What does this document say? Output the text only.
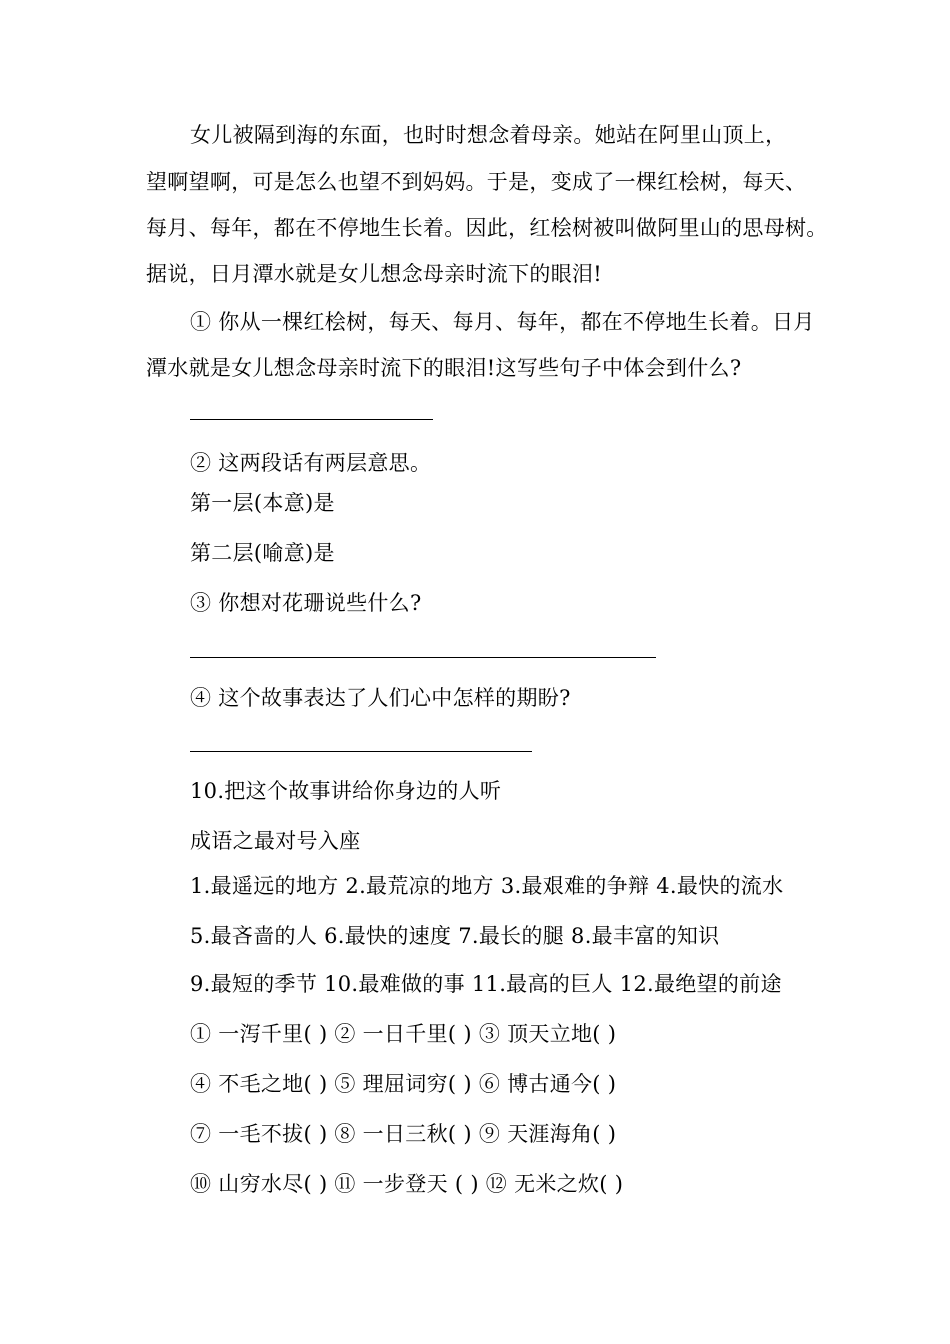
女儿被隔到海的东面，也时时想念着母亲。她站在阿里山顶上，
望啊望啊，可是怎么也望不到妈妈。于是，变成了一棵红桧树，每天、
每月、每年，都在不停地生长着。因此，红桧树被叫做阿里山的思母树。
据说，日月潭水就是女儿想念母亲时流下的眼泪!
① 你从一棵红桧树，每天、每月、每年，都在不停地生长着。日月
潭水就是女儿想念母亲时流下的眼泪!这写些句子中体会到什么?
② 这两段话有两层意思。
第一层(本意)是
第二层(喻意)是
③ 你想对花珊说些什么?
④ 这个故事表达了人们心中怎样的期盼?
10.把这个故事讲给你身边的人听
成语之最对号入座
1.最遥远的地方 2.最荒凉的地方 3.最艰难的争辩 4.最快的流水
5.最吝啬的人 6.最快的速度 7.最长的腿 8.最丰富的知识
9.最短的季节 10.最难做的事 11.最高的巨人 12.最绝望的前途
① 一泻千里( ) ② 一日千里( ) ③ 顶天立地( )
④ 不毛之地( ) ⑤ 理屈词穷( ) ⑥ 博古通今( )
⑦ 一毛不拔( ) ⑧ 一日三秋( ) ⑨ 天涯海角( )
⑩ 山穷水尽( ) ⑪ 一步登天 ( ) ⑫ 无米之炊( )
